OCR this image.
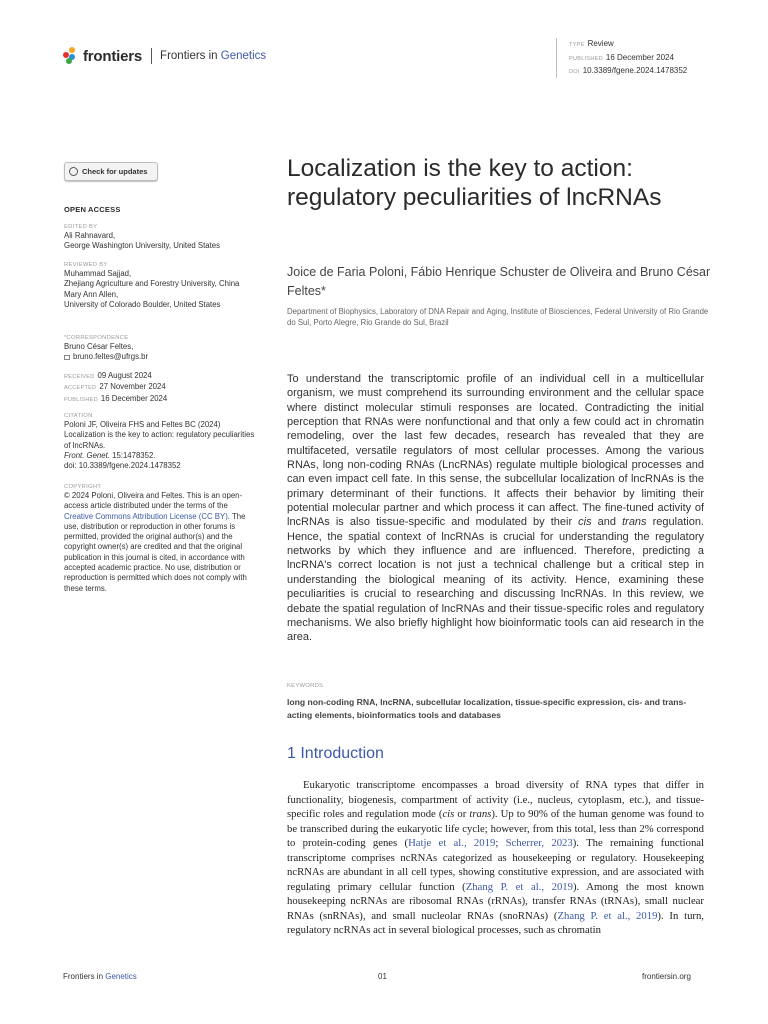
frontiers Frontiers in Genetics
TYPE Review
PUBLISHED 16 December 2024
DOI 10.3389/fgene.2024.1478352
Localization is the key to action: regulatory peculiarities of lncRNAs
Joice de Faria Poloni, Fábio Henrique Schuster de Oliveira and Bruno César Feltes*
Department of Biophysics, Laboratory of DNA Repair and Aging, Institute of Biosciences, Federal University of Rio Grande do Sul, Porto Alegre, Rio Grande do Sul, Brazil
Check for updates
OPEN ACCESS
EDITED BY
Ali Rahnavard,
George Washington University, United States
REVIEWED BY
Muhammad Sajjad,
Zhejiang Agriculture and Forestry University, China
Mary Ann Allen,
University of Colorado Boulder, United States
*CORRESPONDENCE
Bruno César Feltes,
bruno.feltes@ufrgs.br
RECEIVED 09 August 2024
ACCEPTED 27 November 2024
PUBLISHED 16 December 2024
CITATION
Poloni JF, Oliveira FHS and Feltes BC (2024) Localization is the key to action: regulatory peculiarities of lncRNAs.
Front. Genet. 15:1478352.
doi: 10.3389/fgene.2024.1478352
COPYRIGHT
© 2024 Poloni, Oliveira and Feltes. This is an open-access article distributed under the terms of the Creative Commons Attribution License (CC BY). The use, distribution or reproduction in other forums is permitted, provided the original author(s) and the copyright owner(s) are credited and that the original publication in this journal is cited, in accordance with accepted academic practice. No use, distribution or reproduction is permitted which does not comply with these terms.
To understand the transcriptomic profile of an individual cell in a multicellular organism, we must comprehend its surrounding environment and the cellular space where distinct molecular stimuli responses are located. Contradicting the initial perception that RNAs were nonfunctional and that only a few could act in chromatin remodeling, over the last few decades, research has revealed that they are multifaceted, versatile regulators of most cellular processes. Among the various RNAs, long non-coding RNAs (LncRNAs) regulate multiple biological processes and can even impact cell fate. In this sense, the subcellular localization of lncRNAs is the primary determinant of their functions. It affects their behavior by limiting their potential molecular partner and which process it can affect. The fine-tuned activity of lncRNAs is also tissue-specific and modulated by their cis and trans regulation. Hence, the spatial context of lncRNAs is crucial for understanding the regulatory networks by which they influence and are influenced. Therefore, predicting a lncRNA's correct location is not just a technical challenge but a critical step in understanding the biological meaning of its activity. Hence, examining these peculiarities is crucial to researching and discussing lncRNAs. In this review, we debate the spatial regulation of lncRNAs and their tissue-specific roles and regulatory mechanisms. We also briefly highlight how bioinformatic tools can aid research in the area.
KEYWORDS
long non-coding RNA, lncRNA, subcellular localization, tissue-specific expression, cis- and trans-acting elements, bioinformatics tools and databases
1 Introduction
Eukaryotic transcriptome encompasses a broad diversity of RNA types that differ in functionality, biogenesis, compartment of activity (i.e., nucleus, cytoplasm, etc.), and tissue-specific roles and regulation mode (cis or trans). Up to 90% of the human genome was found to be transcribed during the eukaryotic life cycle; however, from this total, less than 2% correspond to protein-coding genes (Hatje et al., 2019; Scherrer, 2023). The remaining functional transcriptome comprises ncRNAs categorized as housekeeping or regulatory. Housekeeping ncRNAs are abundant in all cell types, showing constitutive expression, and are associated with regulating primary cellular function (Zhang P. et al., 2019). Among the most known housekeeping ncRNAs are ribosomal RNAs (rRNAs), transfer RNAs (tRNAs), small nuclear RNAs (snRNAs), and small nucleolar RNAs (snoRNAs) (Zhang P. et al., 2019). In turn, regulatory ncRNAs act in several biological processes, such as chromatin
Frontiers in Genetics	01	frontiersin.org
